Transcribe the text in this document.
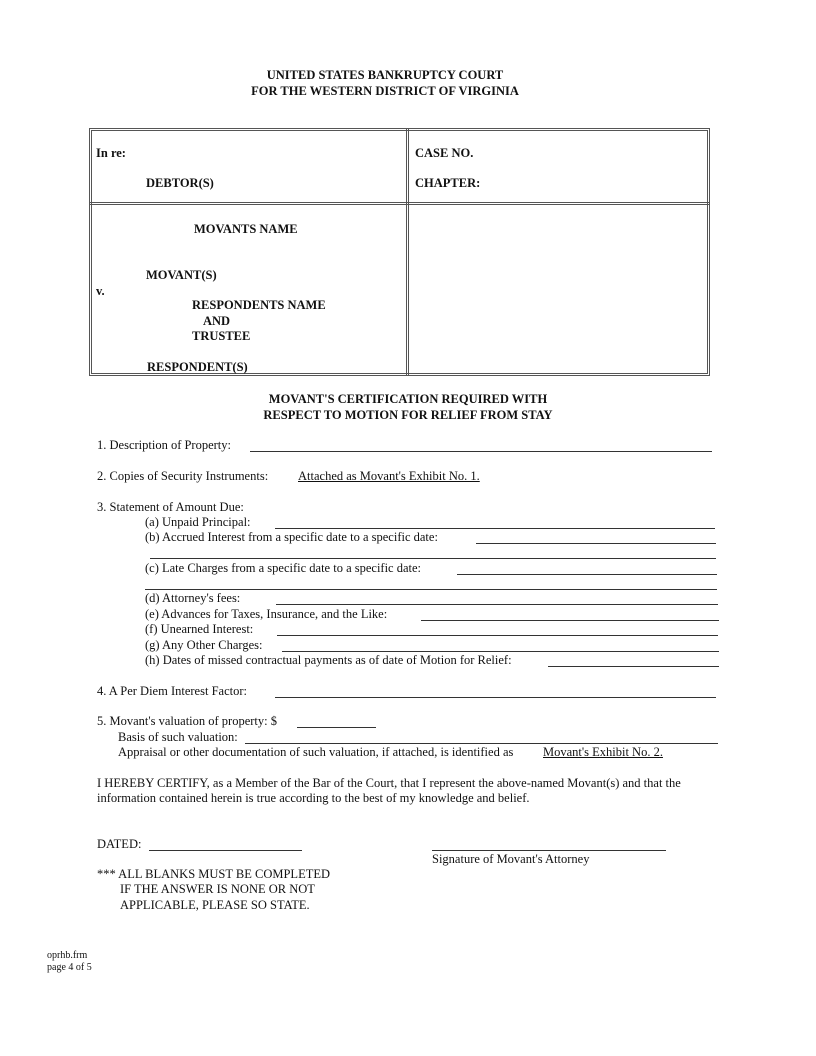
UNITED STATES BANKRUPTCY COURT
FOR THE WESTERN DISTRICT OF VIRGINIA
In re:
DEBTOR(S)
CASE NO.
CHAPTER:
MOVANTS NAME
MOVANT(S)
v.
RESPONDENTS NAME
AND
TRUSTEE
RESPONDENT(S)
MOVANT'S CERTIFICATION REQUIRED WITH
RESPECT TO MOTION FOR RELIEF FROM STAY
1. Description of Property:
2. Copies of Security Instruments: Attached as Movant's Exhibit No. 1.
3. Statement of Amount Due:
(a) Unpaid Principal:
(b) Accrued Interest from a specific date to a specific date:
(c) Late Charges from a specific date to a specific date:
(d) Attorney's fees:
(e) Advances for Taxes, Insurance, and the Like:
(f) Unearned Interest:
(g) Any Other Charges:
(h) Dates of missed contractual payments as of date of Motion for Relief:
4. A Per Diem Interest Factor:
5. Movant's valuation of property: $
Basis of such valuation:
Appraisal or other documentation of such valuation, if attached, is identified as Movant's Exhibit No. 2.
I HEREBY CERTIFY, as a Member of the Bar of the Court, that I represent the above-named Movant(s) and that the
information contained herein is true according to the best of my knowledge and belief.
DATED:
Signature of Movant's Attorney
*** ALL BLANKS MUST BE COMPLETED
IF THE ANSWER IS NONE OR NOT
APPLICABLE, PLEASE SO STATE.
oprhb.frm
page 4 of 5
